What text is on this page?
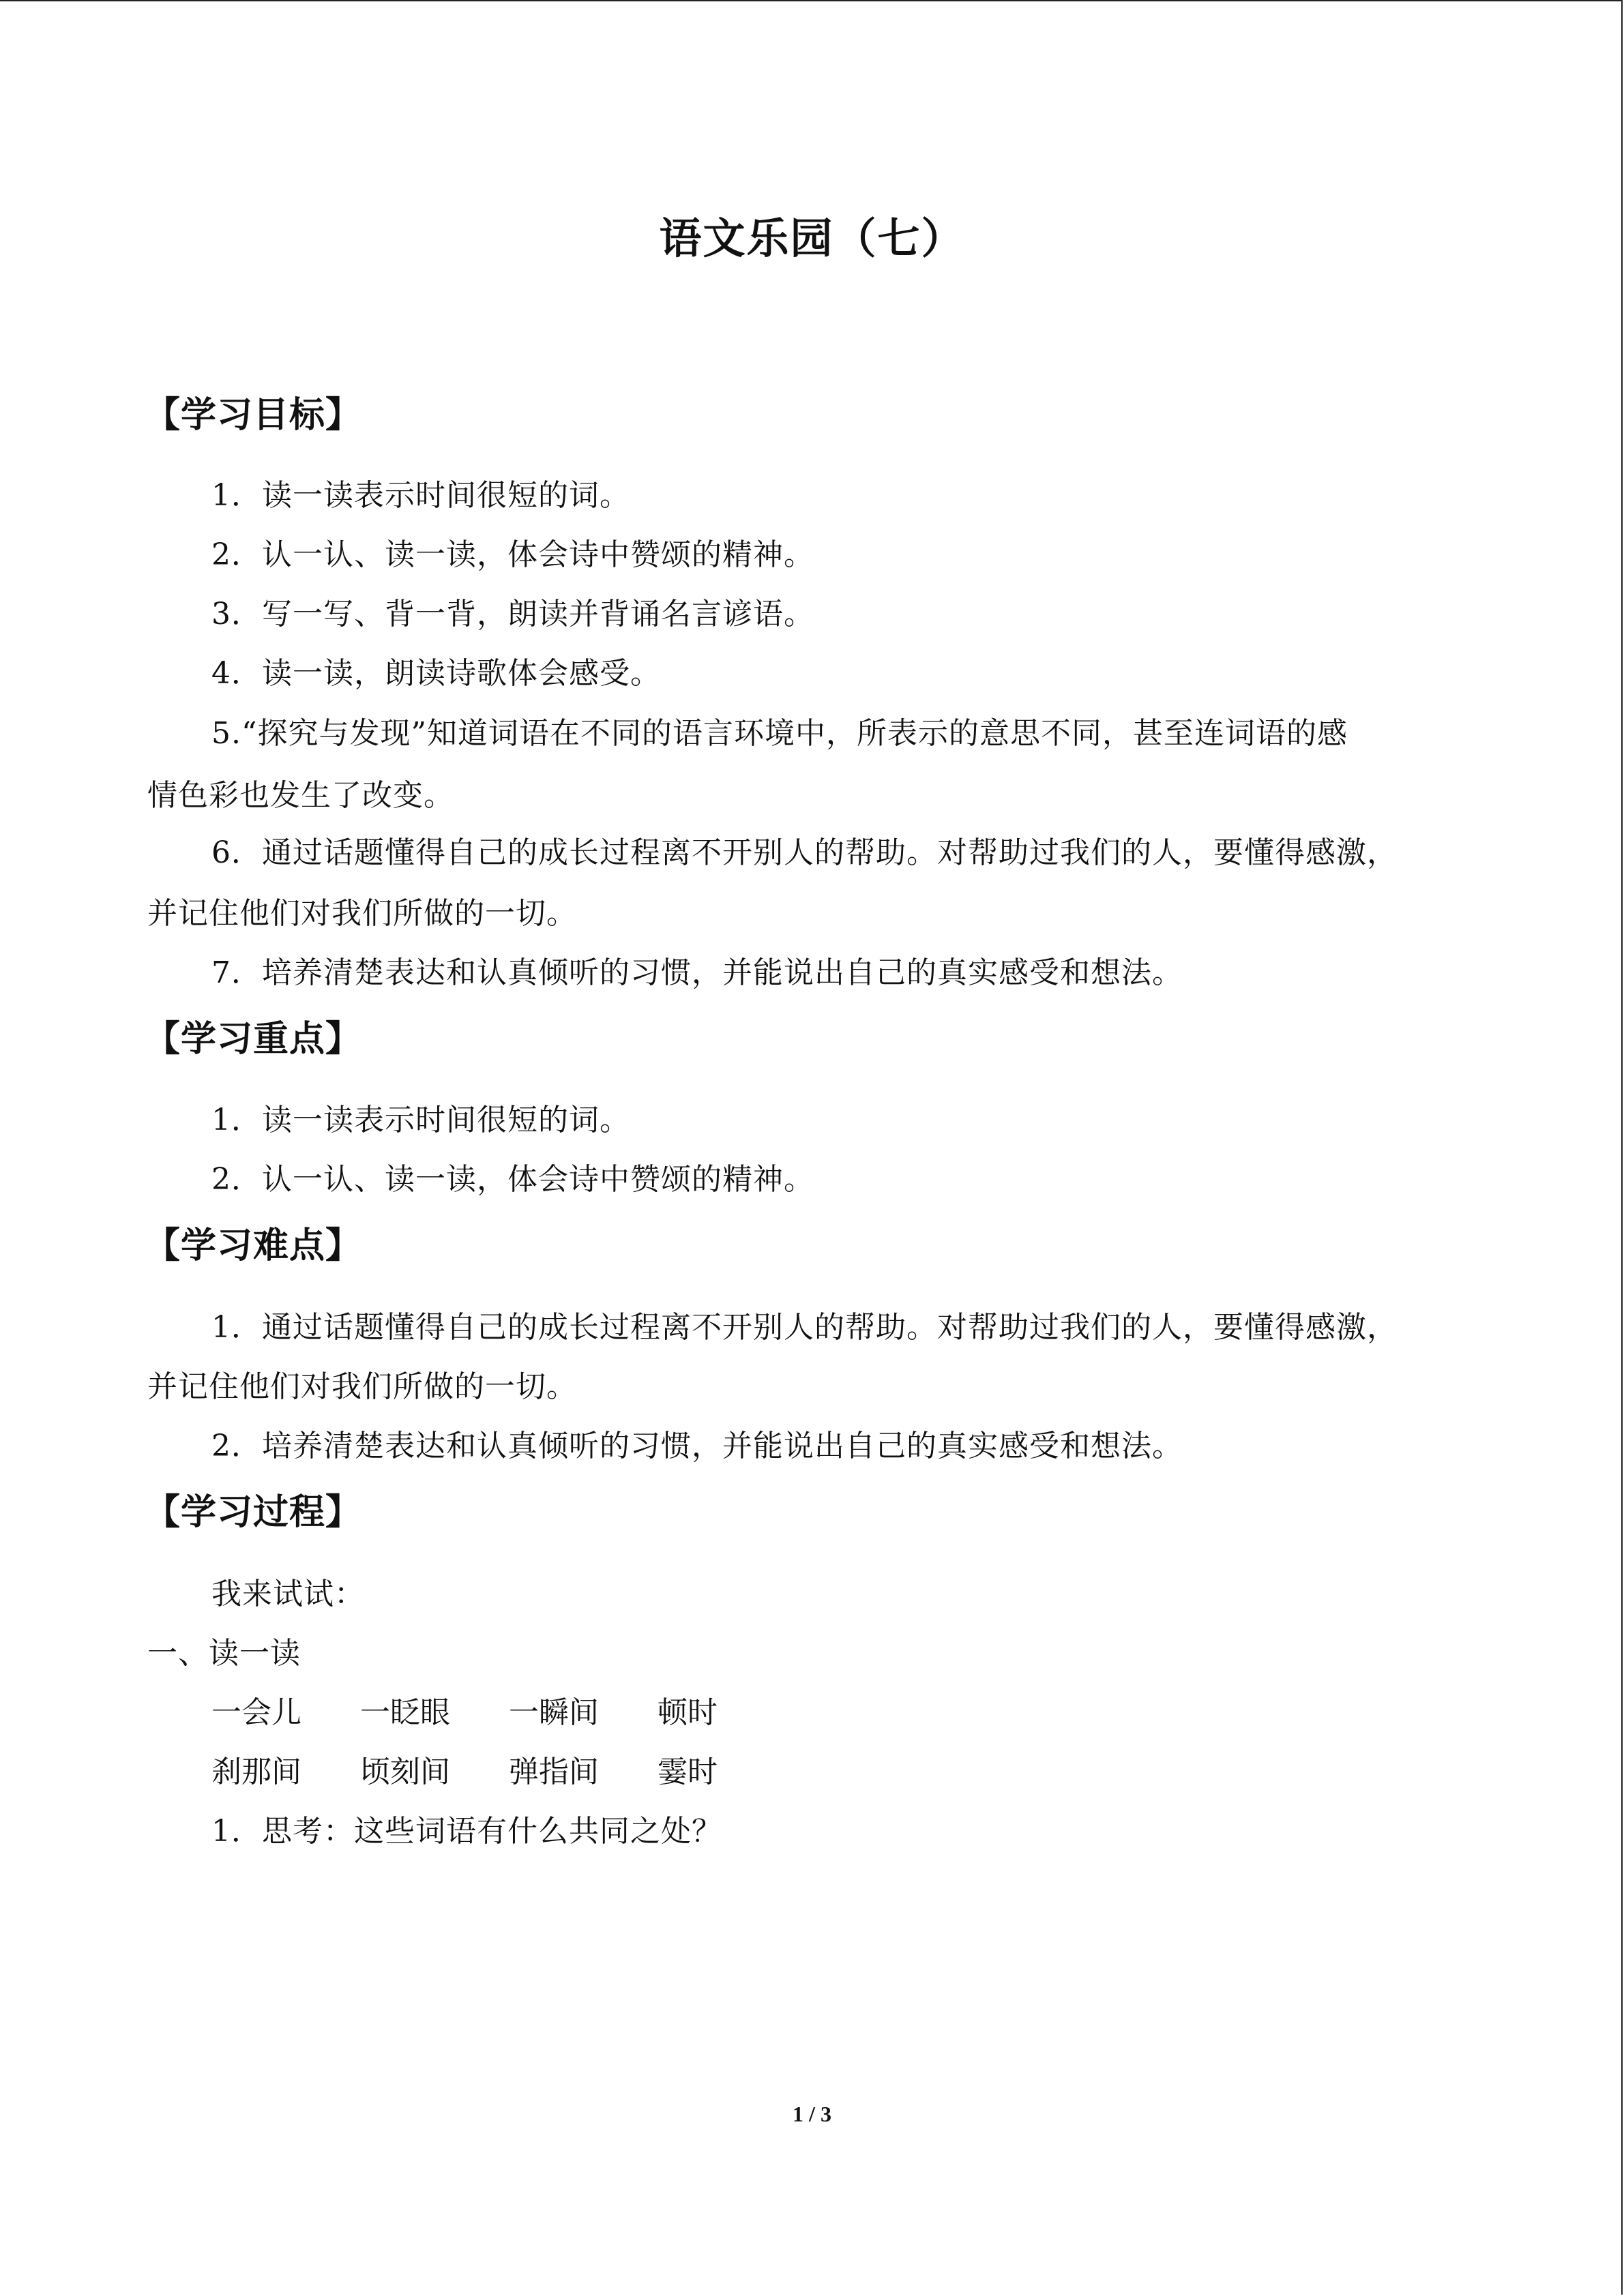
语文乐园（七）
【学习目标】
1．读一读表示时间很短的词。
2．认一认、读一读，体会诗中赞颂的精神。
3．写一写、背一背，朗读并背诵名言谚语。
4．读一读，朗读诗歌体会感受。
5.“探究与发现”知道词语在不同的语言环境中，所表示的意思不同，甚至连词语的感
情色彩也发生了改变。
6．通过话题懂得自己的成长过程离不开别人的帮助。对帮助过我们的人，要懂得感激，
并记住他们对我们所做的一切。
7．培养清楚表达和认真倾听的习惯，并能说出自己的真实感受和想法。
【学习重点】
1．读一读表示时间很短的词。
2．认一认、读一读，体会诗中赞颂的精神。
【学习难点】
1．通过话题懂得自己的成长过程离不开别人的帮助。对帮助过我们的人，要懂得感激，
并记住他们对我们所做的一切。
2．培养清楚表达和认真倾听的习惯，并能说出自己的真实感受和想法。
【学习过程】
我来试试：
一、读一读
一会儿 一眨眼 一瞬间 顿时
刹那间 顷刻间 弹指间 霎时
1．思考：这些词语有什么共同之处？
1 / 3
